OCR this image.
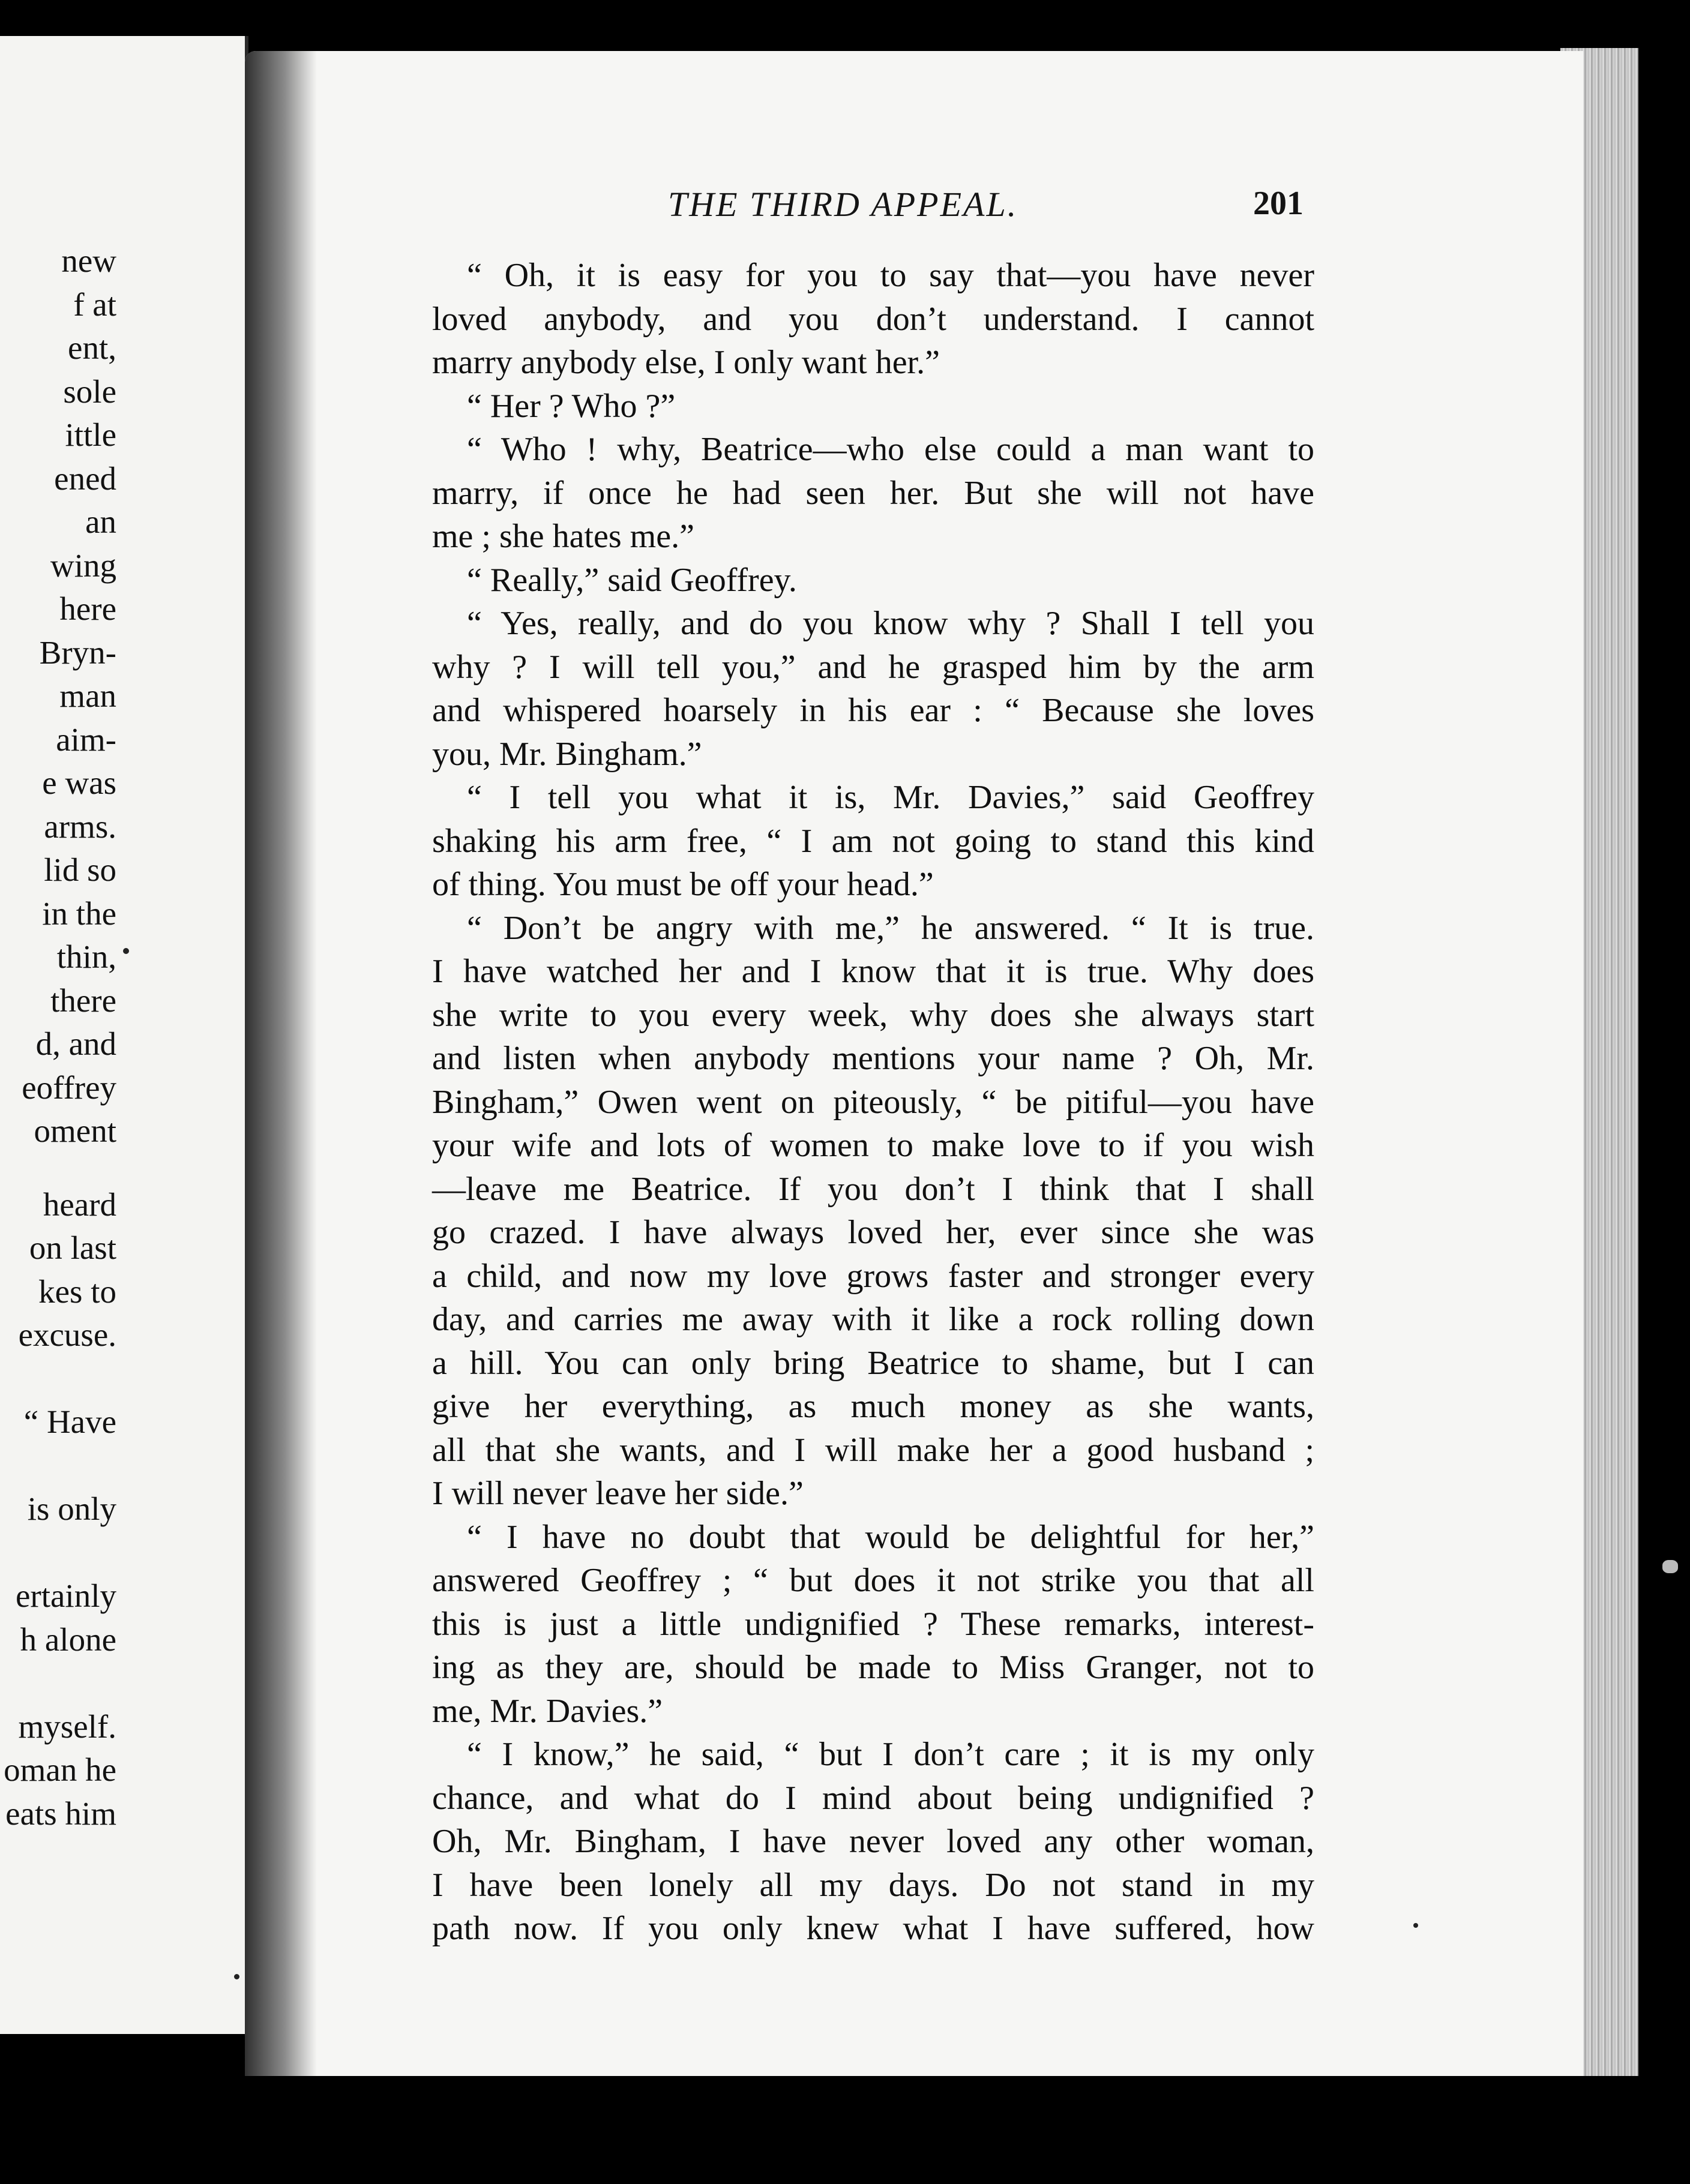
new
f at
ent,
sole
ittle
ened
an
wing
here
Bryn-
man
aim-
e was
arms.
lid so
in the
thin,
there
d, and
eoffrey
oment
heard
on last
kes to
excuse.
“ Have
is only
ertainly
h alone
myself.
oman he
eats him
THE THIRD APPEAL.	201
“ Oh, it is easy for you to say that—you have never
loved anybody, and you don’t understand. I cannot
marry anybody else, I only want her.”
“ Her ? Who ?”
“ Who ! why, Beatrice—who else could a man want to
marry, if once he had seen her. But she will not have
me ; she hates me.”
“ Really,” said Geoffrey.
“ Yes, really, and do you know why ? Shall I tell you
why ? I will tell you,” and he grasped him by the arm
and whispered hoarsely in his ear : “ Because she loves
you, Mr. Bingham.”
“ I tell you what it is, Mr. Davies,” said Geoffrey
shaking his arm free, “ I am not going to stand this kind
of thing. You must be off your head.”
“ Don’t be angry with me,” he answered. “ It is true.
I have watched her and I know that it is true. Why does
she write to you every week, why does she always start
and listen when anybody mentions your name ? Oh, Mr.
Bingham,” Owen went on piteously, “ be pitiful—you have
your wife and lots of women to make love to if you wish
—leave me Beatrice. If you don’t I think that I shall
go crazed. I have always loved her, ever since she was
a child, and now my love grows faster and stronger every
day, and carries me away with it like a rock rolling down
a hill. You can only bring Beatrice to shame, but I can
give her everything, as much money as she wants,
all that she wants, and I will make her a good husband ;
I will never leave her side.”
“ I have no doubt that would be delightful for her,”
answered Geoffrey ; “ but does it not strike you that all
this is just a little undignified ? These remarks, interest-
ing as they are, should be made to Miss Granger, not to
me, Mr. Davies.”
“ I know,” he said, “ but I don’t care ; it is my only
chance, and what do I mind about being undignified ?
Oh, Mr. Bingham, I have never loved any other woman,
I have been lonely all my days. Do not stand in my
path now. If you only knew what I have suffered, how
